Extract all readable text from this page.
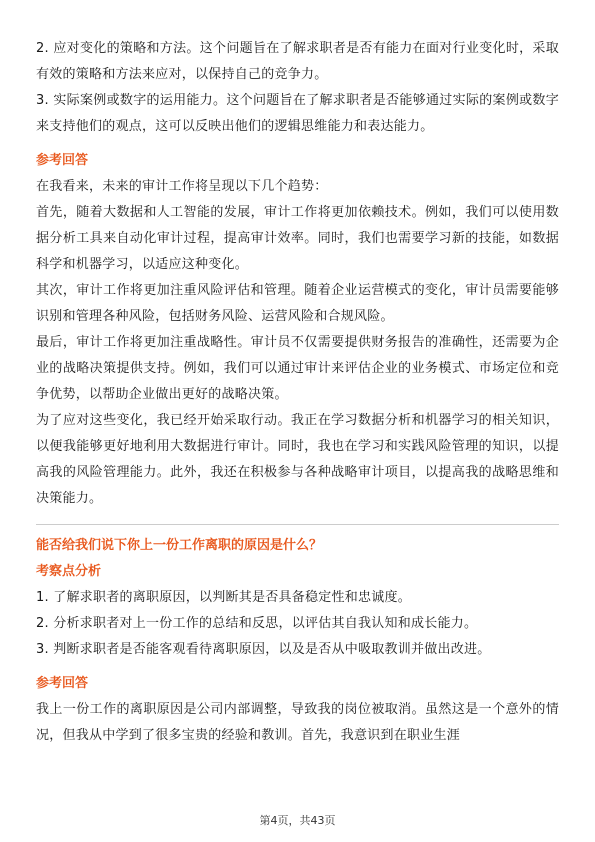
2. 应对变化的策略和方法。这个问题旨在了解求职者是否有能力在面对行业变化时，采取有效的策略和方法来应对，以保持自己的竞争力。

3. 实际案例或数字的运用能力。这个问题旨在了解求职者是否能够通过实际的案例或数字来支持他们的观点，这可以反映出他们的逻辑思维能力和表达能力。

参考回答

在我看来，未来的审计工作将呈现以下几个趋势：

首先，随着大数据和人工智能的发展，审计工作将更加依赖技术。例如，我们可以使用数据分析工具来自动化审计过程，提高审计效率。同时，我们也需要学习新的技能，如数据科学和机器学习，以适应这种变化。

其次，审计工作将更加注重风险评估和管理。随着企业运营模式的变化，审计员需要能够识别和管理各种风险，包括财务风险、运营风险和合规风险。

最后，审计工作将更加注重战略性。审计员不仅需要提供财务报告的准确性，还需要为企业的战略决策提供支持。例如，我们可以通过审计来评估企业的业务模式、市场定位和竞争优势，以帮助企业做出更好的战略决策。

为了应对这些变化，我已经开始采取行动。我正在学习数据分析和机器学习的相关知识，以便我能够更好地利用大数据进行审计。同时，我也在学习和实践风险管理的知识，以提高我的风险管理能力。此外，我还在积极参与各种战略审计项目，以提高我的战略思维和决策能力。

能否给我们说下你上一份工作离职的原因是什么？

考察点分析

1. 了解求职者的离职原因，以判断其是否具备稳定性和忠诚度。

2. 分析求职者对上一份工作的总结和反思，以评估其自我认知和成长能力。

3. 判断求职者是否能客观看待离职原因，以及是否从中吸取教训并做出改进。

参考回答

我上一份工作的离职原因是公司内部调整，导致我的岗位被取消。虽然这是一个意外的情况，但我从中学到了很多宝贵的经验和教训。首先，我意识到在职业生涯

第4页，共43页
